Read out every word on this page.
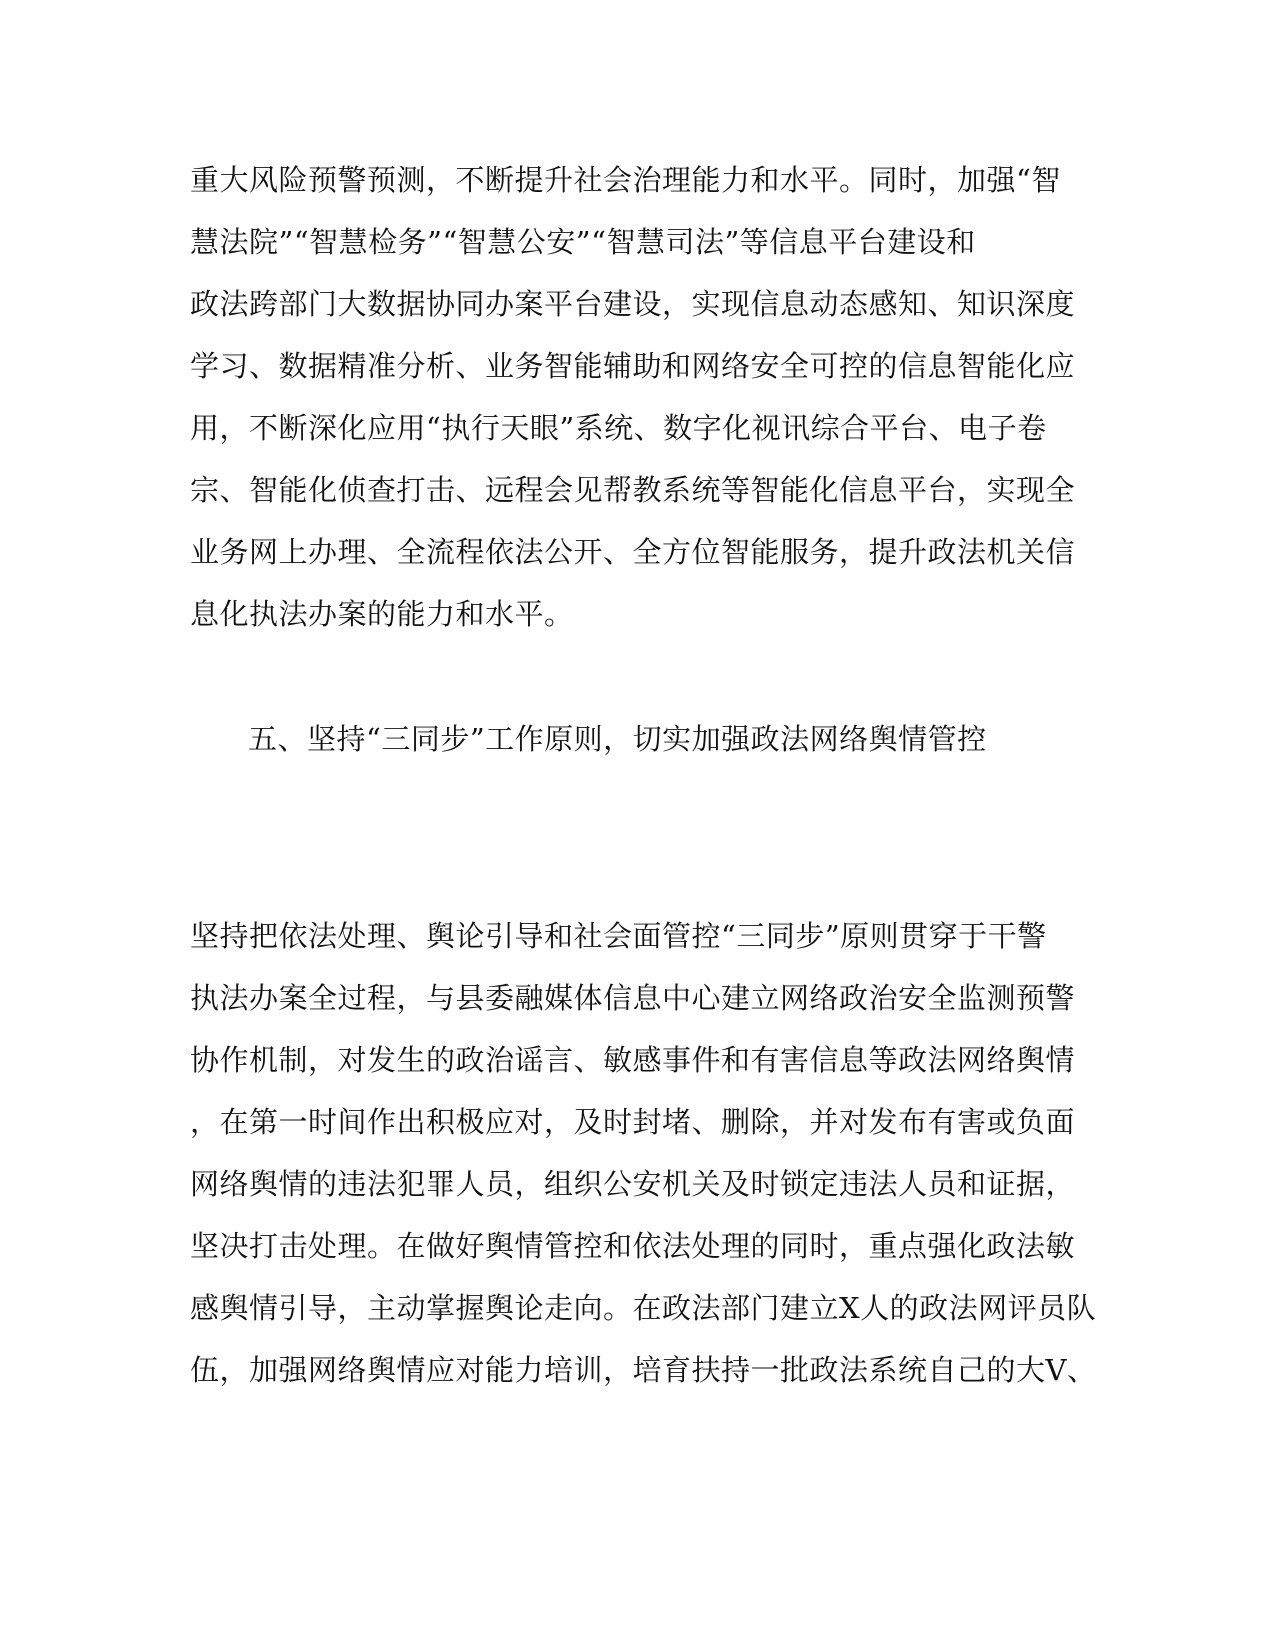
重大风险预警预测，不断提升社会治理能力和水平。同时，加强“智
慧法院”“智慧检务”“智慧公安”“智慧司法”等信息平台建设和
政法跨部门大数据协同办案平台建设，实现信息动态感知、知识深度
学习、数据精准分析、业务智能辅助和网络安全可控的信息智能化应
用，不断深化应用“执行天眼”系统、数字化视讯综合平台、电子卷
宗、智能化侦查打击、远程会见帮教系统等智能化信息平台，实现全
业务网上办理、全流程依法公开、全方位智能服务，提升政法机关信
息化执法办案的能力和水平。
五、坚持“三同步”工作原则，切实加强政法网络舆情管控
坚持把依法处理、舆论引导和社会面管控“三同步”原则贯穿于干警
执法办案全过程，与县委融媒体信息中心建立网络政治安全监测预警
协作机制，对发生的政治谣言、敏感事件和有害信息等政法网络舆情
，在第一时间作出积极应对，及时封堵、删除，并对发布有害或负面
网络舆情的违法犯罪人员，组织公安机关及时锁定违法人员和证据，
坚决打击处理。在做好舆情管控和依法处理的同时，重点强化政法敏
感舆情引导，主动掌握舆论走向。在政法部门建立X人的政法网评员队
伍，加强网络舆情应对能力培训，培育扶持一批政法系统自己的大V、
